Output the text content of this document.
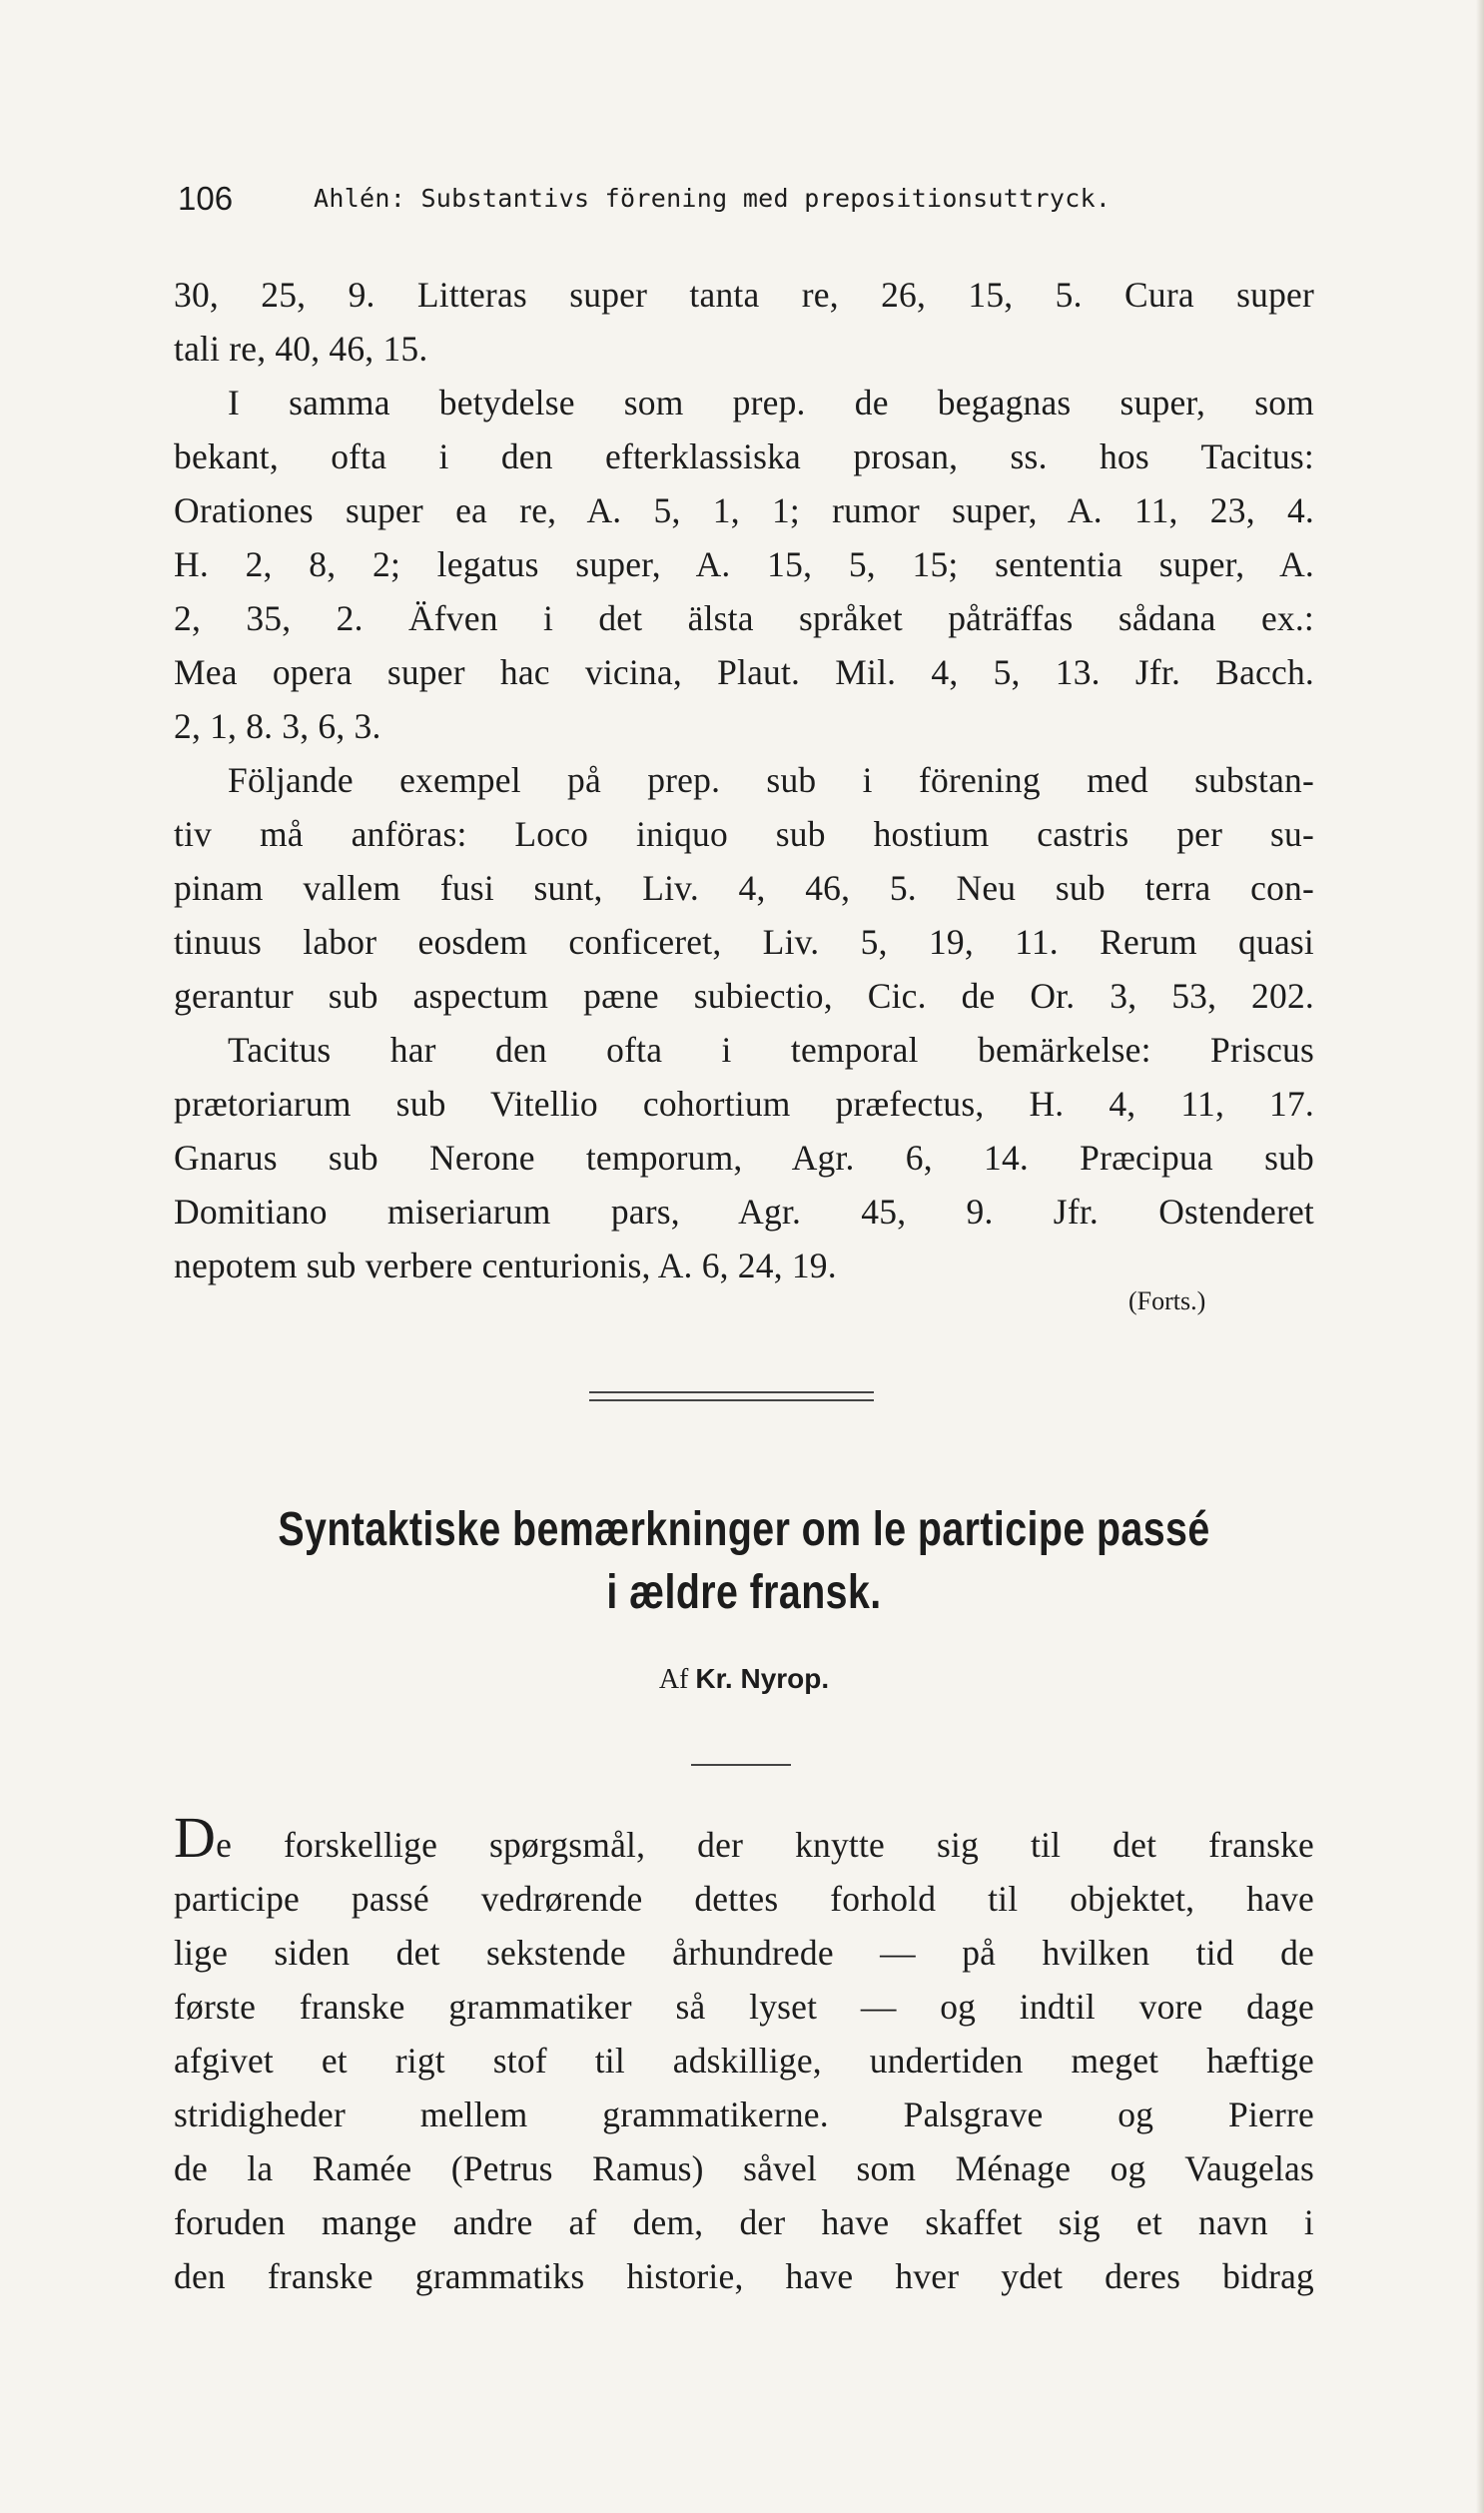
106	Ahlén: Substantivs förening med prepositionsuttryck.
30, 25, 9. Litteras super tanta re, 26, 15, 5. Cura super
tali re, 40, 46, 15.
I samma betydelse som prep. de begagnas super, som
bekant, ofta i den efterklassiska prosan, ss. hos Tacitus:
Orationes super ea re, A. 5, 1, 1; rumor super, A. 11, 23, 4.
H. 2, 8, 2; legatus super, A. 15, 5, 15; sententia super, A.
2, 35, 2. Äfven i det älsta språket påträffas sådana ex.:
Mea opera super hac vicina, Plaut. Mil. 4, 5, 13. Jfr. Bacch.
2, 1, 8. 3, 6, 3.
Följande exempel på prep. sub i förening med substan-
tiv må anföras: Loco iniquo sub hostium castris per su-
pinam vallem fusi sunt, Liv. 4, 46, 5. Neu sub terra con-
tinuus labor eosdem conficeret, Liv. 5, 19, 11. Rerum quasi
gerantur sub aspectum pæne subiectio, Cic. de Or. 3, 53, 202.
Tacitus har den ofta i temporal bemärkelse: Priscus
prætoriarum sub Vitellio cohortium præfectus, H. 4, 11, 17.
Gnarus sub Nerone temporum, Agr. 6, 14. Præcipua sub
Domitiano miseriarum pars, Agr. 45, 9. Jfr. Ostenderet
nepotem sub verbere centurionis, A. 6, 24, 19.
(Forts.)
Syntaktiske bemærkninger om le participe passé
i ældre fransk.
Af Kr. Nyrop.
De forskellige spørgsmål, der knytte sig til det franske
participe passé vedrørende dettes forhold til objektet, have
lige siden det sekstende århundrede — på hvilken tid de
første franske grammatiker så lyset — og indtil vore dage
afgivet et rigt stof til adskillige, undertiden meget hæftige
stridigheder mellem grammatikerne. Palsgrave og Pierre
de la Ramée (Petrus Ramus) såvel som Ménage og Vaugelas
foruden mange andre af dem, der have skaffet sig et navn i
den franske grammatiks historie, have hver ydet deres bidrag
